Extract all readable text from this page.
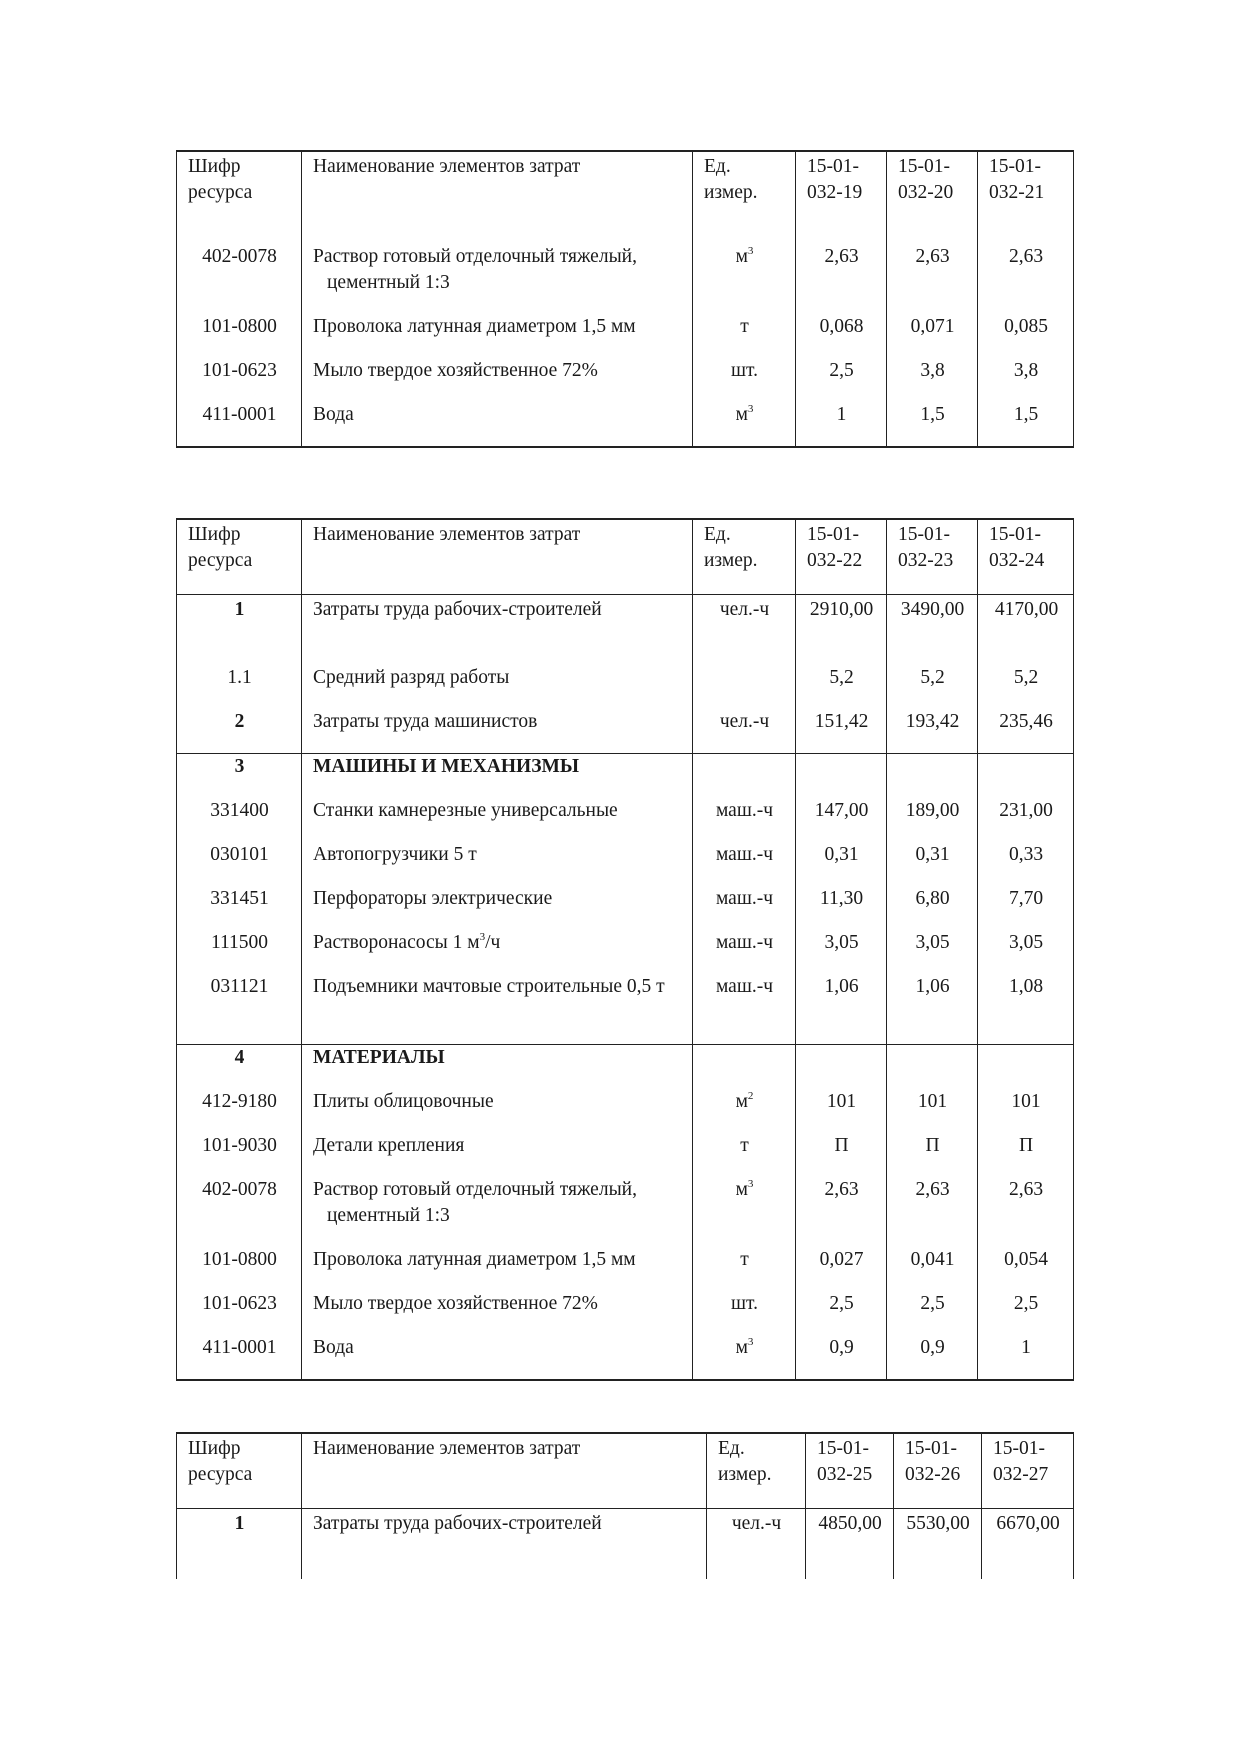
Шифр ресурса	Наименование элементов затрат	Ед. измер.	15-01-032-19	15-01-032-20	15-01-032-21
402-0078	Раствор готовый отделочный тяжелый, цементный 1:3	$м^3$	2,63	2,63	2,63
101-0800	Проволока латунная диаметром 1,5 мм	т	0,068	0,071	0,085
101-0623	Мыло твердое хозяйственное 72%	шт.	2,5	3,8	3,8
411-0001	Вода	$м^3$	1	1,5	1,5
Шифр ресурса	Наименование элементов затрат	Ед. измер.	15-01-032-22	15-01-032-23	15-01-032-24
1	Затраты труда рабочих-строителей	чел.-ч	2910,00	3490,00	4170,00
1.1	Средний разряд работы		5,2	5,2	5,2
2	Затраты труда машинистов	чел.-ч	151,42	193,42	235,46
3	МАШИНЫ И МЕХАНИЗМЫ				
331400	Станки камнерезные универсальные	маш.-ч	147,00	189,00	231,00
030101	Автопогрузчики 5 т	маш.-ч	0,31	0,31	0,33
331451	Перфораторы электрические	маш.-ч	11,30	6,80	7,70
111500	Растворонасосы 1 $м^3/ч$	маш.-ч	3,05	3,05	3,05
031121	Подъемники мачтовые строительные 0,5 т	маш.-ч	1,06	1,06	1,08
4	МАТЕРИАЛЫ				
412-9180	Плиты облицовочные	$м^2$	101	101	101
101-9030	Детали крепления	т	П	П	П
402-0078	Раствор готовый отделочный тяжелый, цементный 1:3	$м^3$	2,63	2,63	2,63
101-0800	Проволока латунная диаметром 1,5 мм	т	0,027	0,041	0,054
101-0623	Мыло твердое хозяйственное 72%	шт.	2,5	2,5	2,5
411-0001	Вода	$м^3$	0,9	0,9	1
Шифр ресурса	Наименование элементов затрат	Ед. измер.	15-01-032-25	15-01-032-26	15-01-032-27
1	Затраты труда рабочих-строителей	чел.-ч	4850,00	5530,00	6670,00
